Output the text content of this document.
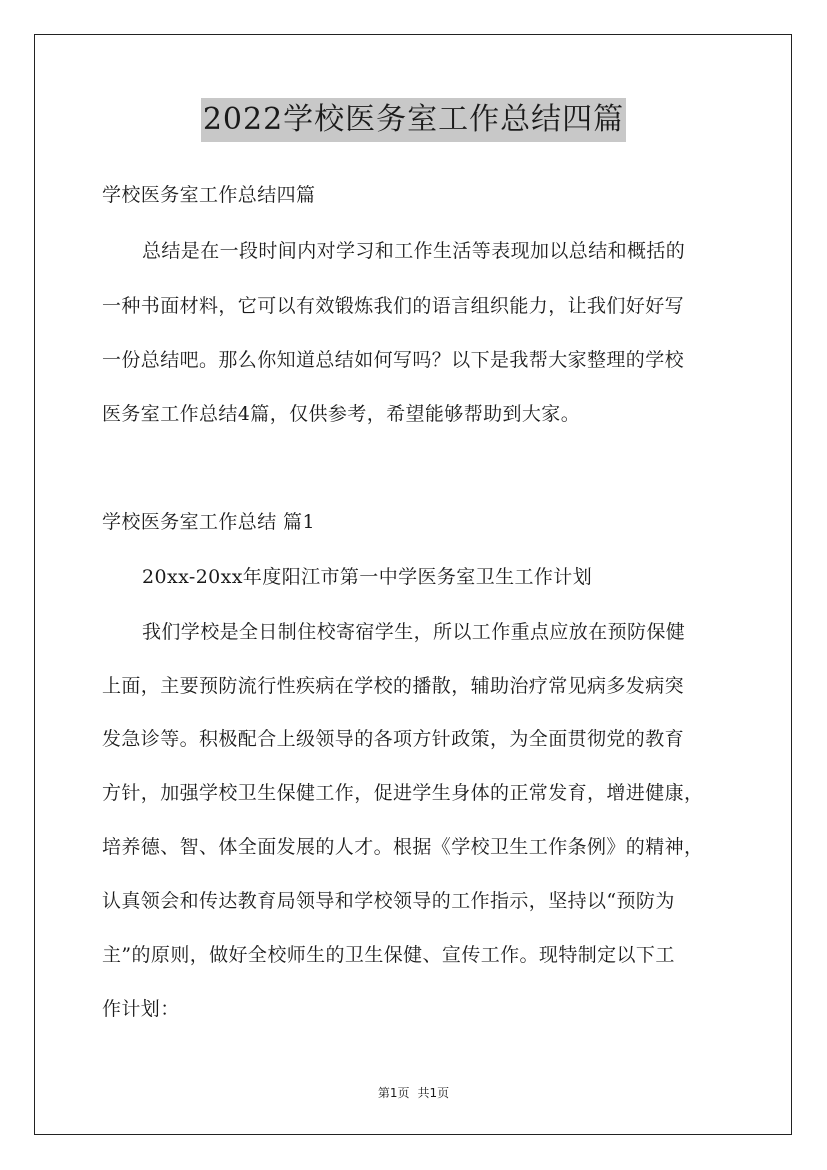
2022学校医务室工作总结四篇
学校医务室工作总结四篇
总结是在一段时间内对学习和工作生活等表现加以总结和概括的
一种书面材料，它可以有效锻炼我们的语言组织能力，让我们好好写
一份总结吧。那么你知道总结如何写吗？以下是我帮大家整理的学校
医务室工作总结4篇，仅供参考，希望能够帮助到大家。
学校医务室工作总结 篇1
20xx-20xx年度阳江市第一中学医务室卫生工作计划
我们学校是全日制住校寄宿学生，所以工作重点应放在预防保健
上面，主要预防流行性疾病在学校的播散，辅助治疗常见病多发病突
发急诊等。积极配合上级领导的各项方针政策，为全面贯彻党的教育
方针，加强学校卫生保健工作，促进学生身体的正常发育，增进健康，
培养德、智、体全面发展的人才。根据《学校卫生工作条例》的精神，
认真领会和传达教育局领导和学校领导的工作指示，坚持以“预防为
主”的原则，做好全校师生的卫生保健、宣传工作。现特制定以下工
作计划：
第1页 共1页
